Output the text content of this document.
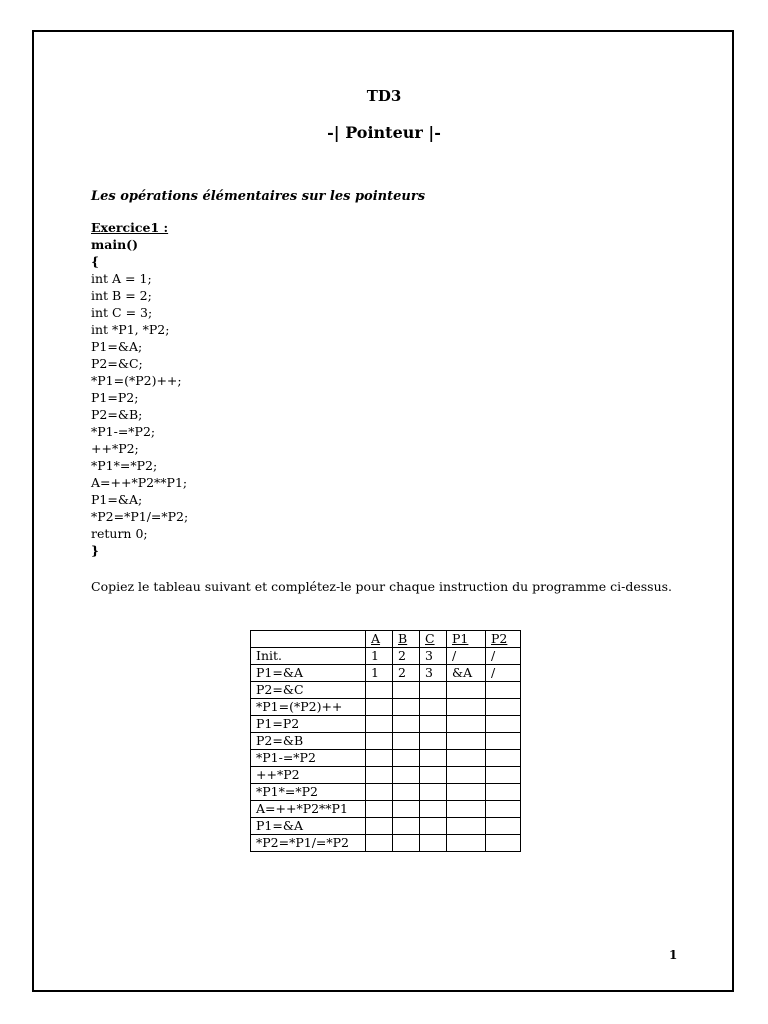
TD3
-| Pointeur |-
Les opérations élémentaires sur les pointeurs
Exercice1 :
main()
{
int A = 1;
int B = 2;
int C = 3;
int *P1, *P2;
P1=&A;
P2=&C;
*P1=(*P2)++;
P1=P2;
P2=&B;
*P1-=*P2;
++*P2;
*P1*=*P2;
A=++*P2**P1;
P1=&A;
*P2=*P1/=*P2;
return 0;
}
Copiez le tableau suivant et complétez-le pour chaque instruction du programme ci-dessus.
	A	B	C	P1	P2
Init.	1	2	3	/	/
P1=&A	1	2	3	&A	/
P2=&C					
*P1=(*P2)++					
P1=P2					
P2=&B					
*P1-=*P2					
++*P2					
*P1*=*P2					
A=++*P2**P1					
P1=&A					
*P2=*P1/=*P2					
1
